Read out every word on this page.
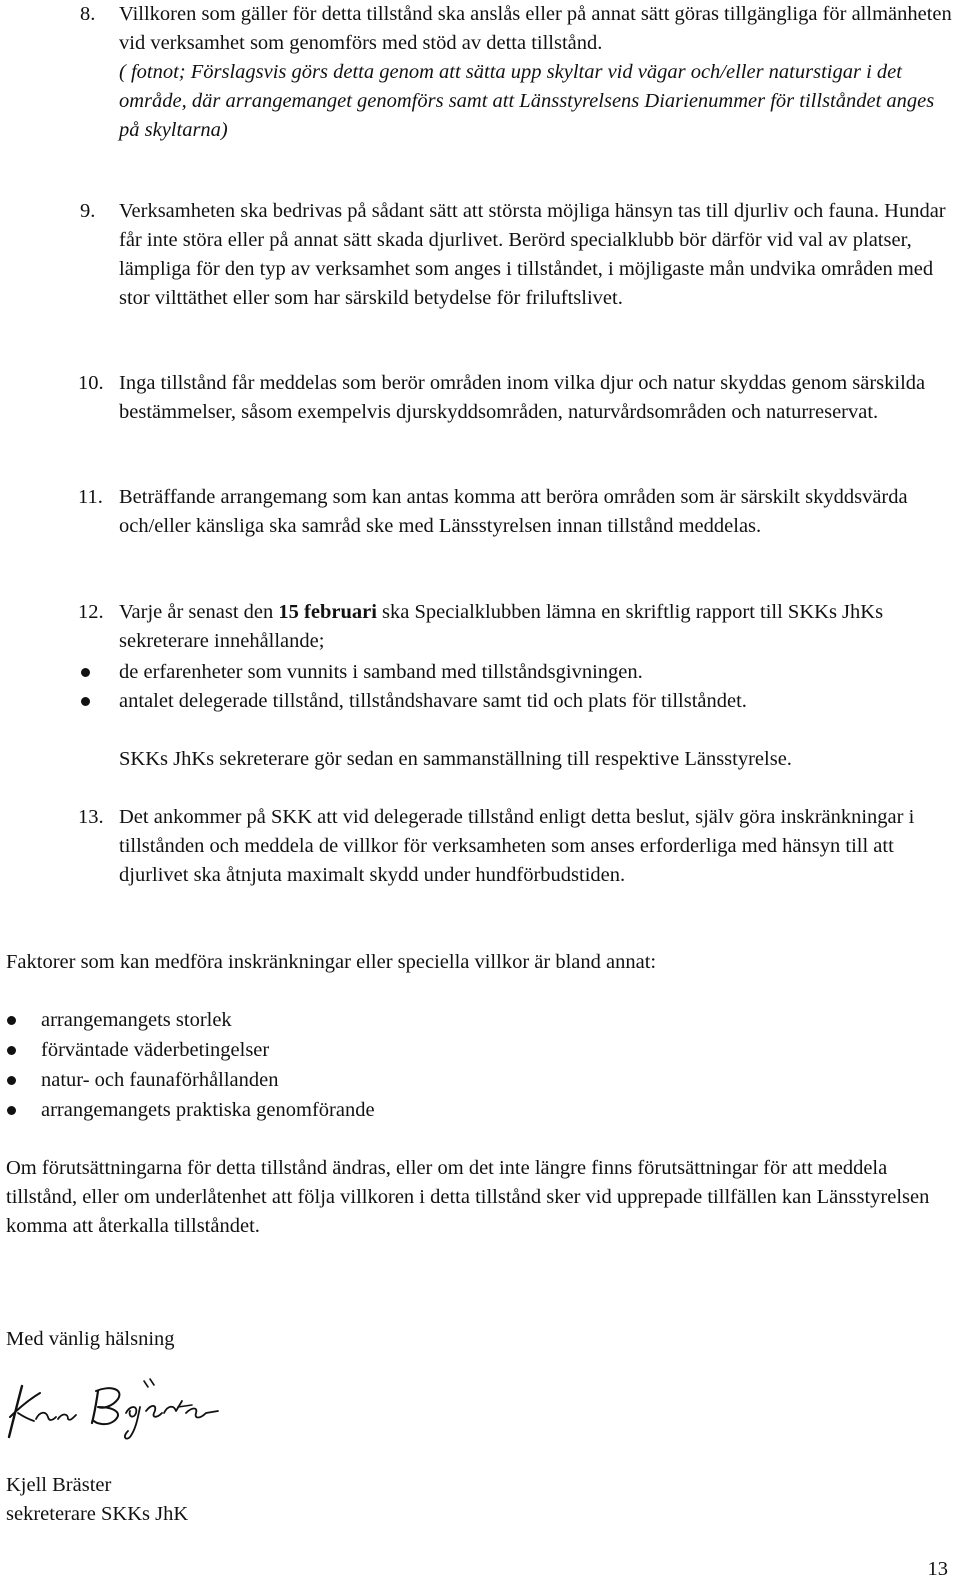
8.	Villkoren som gäller för detta tillstånd ska anslås eller på annat sätt göras tillgängliga för allmänheten vid verksamhet som genomförs med stöd av detta tillstånd.

( fotnot; Förslagsvis görs detta genom att sätta upp skyltar vid vägar och/eller naturstigar i det område, där arrangemanget genomförs samt att Länsstyrelsens Diarienummer för tillståndet anges på skyltarna)

9.	Verksamheten ska bedrivas på sådant sätt att största möjliga hänsyn tas till djurliv och fauna. Hundar får inte störa eller på annat sätt skada djurlivet. Berörd specialklubb bör därför vid val av platser, lämpliga för den typ av verksamhet som anges i tillståndet, i möjligaste mån undvika områden med stor vilttäthet eller som har särskild betydelse för friluftslivet.

10. Inga tillstånd får meddelas som berör områden inom vilka djur och natur skyddas genom särskilda bestämmelser, såsom exempelvis djurskyddsområden, naturvårdsområden och naturreservat.

11. Beträffande arrangemang som kan antas komma att beröra områden som är särskilt skyddsvärda och/eller känsliga ska samråd ske med Länsstyrelsen innan tillstånd meddelas.

12. Varje år senast den 15 februari ska Specialklubben lämna en skriftlig rapport till SKKs JhKs sekreterare innehållande;

de erfarenheter som vunnits i samband med tillståndsgivningen.
antalet delegerade tillstånd, tillståndshavare samt tid och plats för tillståndet.

SKKs JhKs sekreterare gör sedan en sammanställning till respektive Länsstyrelse.

13. Det ankommer på SKK att vid delegerade tillstånd enligt detta beslut, själv göra inskränkningar i tillstånden och meddela de villkor för verksamheten som anses erforderliga med hänsyn till att djurlivet ska åtnjuta maximalt skydd under hundförbudstiden.

Faktorer som kan medföra inskränkningar eller speciella villkor är bland annat:

arrangemangets storlek
förväntade väderbetingelser
natur- och faunaförhållanden
arrangemangets praktiska genomförande

Om förutsättningarna för detta tillstånd ändras, eller om det inte längre finns förutsättningar för att meddela tillstånd, eller om underlåtenhet att följa villkoren i detta tillstånd sker vid upprepade tillfällen kan Länsstyrelsen komma att återkalla tillståndet.

Med vänlig hälsning

Kjell Bräster

sekreterare SKKs JhK

13
